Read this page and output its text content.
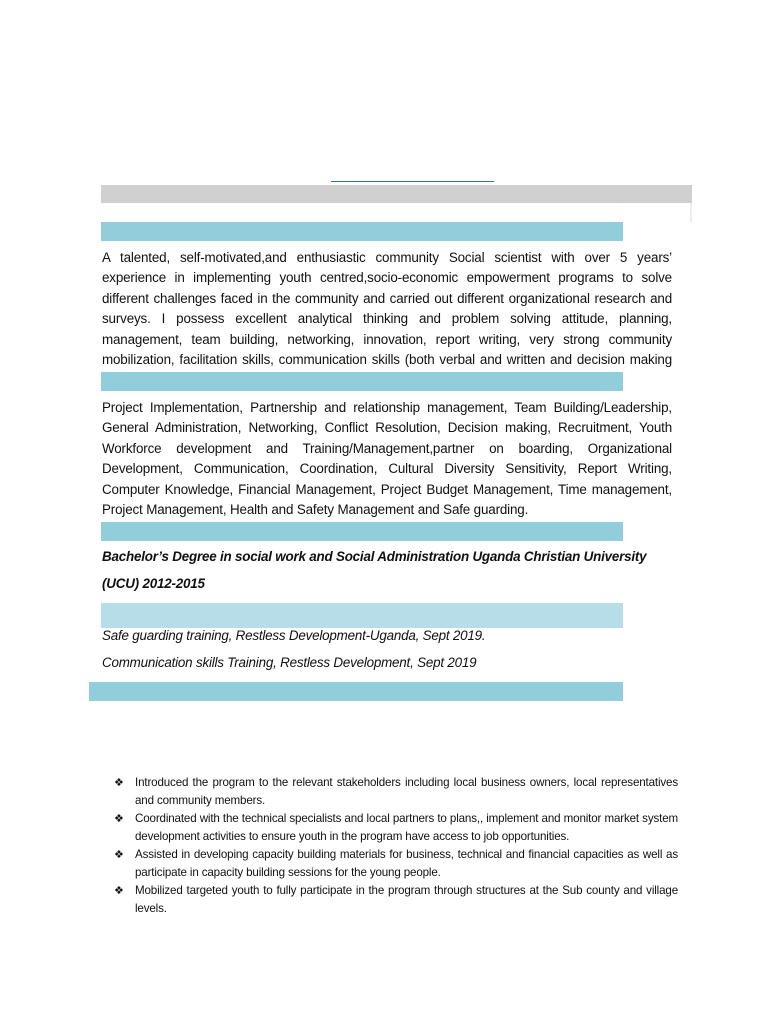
A talented, self-motivated,and enthusiastic community Social scientist with over 5 years’ experience in implementing youth centred,socio-economic empowerment programs to solve different challenges faced in the community and carried out different organizational research and surveys. I possess excellent analytical thinking and problem solving attitude, planning, management, team building, networking, innovation, report writing, very strong community mobilization, facilitation skills, communication skills (both verbal and written and decision making

Project Implementation, Partnership and relationship management, Team Building/Leadership, General Administration, Networking, Conflict Resolution, Decision making, Recruitment, Youth Workforce development and Training/Management,partner on boarding, Organizational Development, Communication, Coordination, Cultural Diversity Sensitivity, Report Writing, Computer Knowledge, Financial Management, Project Budget Management, Time management, Project Management, Health and Safety Management and Safe guarding.

Bachelor’s Degree in social work and Social Administration Uganda Christian University

(UCU) 2012-2015

Safe guarding training, Restless Development-Uganda, Sept 2019.

Communication skills Training, Restless Development, Sept 2019

❖ Introduced the program to the relevant stakeholders including local business owners, local representatives and community members.
❖ Coordinated with the technical specialists and local partners to plans,, implement and monitor market system development activities to ensure youth in the program have access to job opportunities.
❖ Assisted in developing capacity building materials for business, technical and financial capacities as well as participate in capacity building sessions for the young people.
❖ Mobilized targeted youth to fully participate in the program through structures at the Sub county and village levels.
